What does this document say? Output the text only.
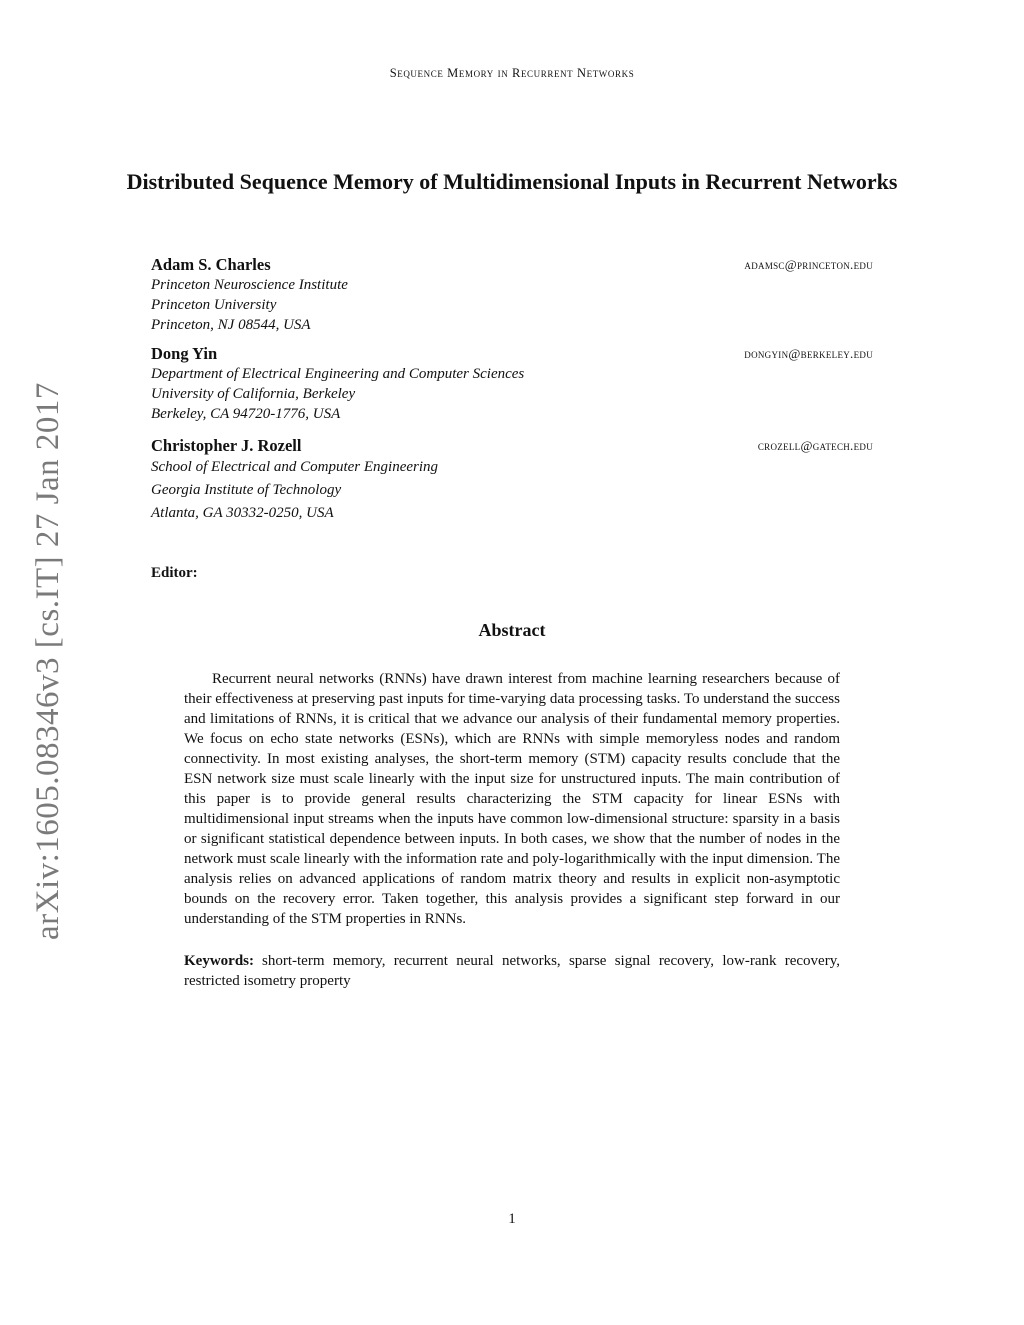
Sequence Memory in Recurrent Networks
Distributed Sequence Memory of Multidimensional Inputs in Recurrent Networks
Adam S. Charles	adamsc@princeton.edu
Princeton Neuroscience Institute
Princeton University
Princeton, NJ 08544, USA
Dong Yin	dongyin@berkeley.edu
Department of Electrical Engineering and Computer Sciences
University of California, Berkeley
Berkeley, CA 94720-1776, USA
Christopher J. Rozell	crozell@gatech.edu
School of Electrical and Computer Engineering
Georgia Institute of Technology
Atlanta, GA 30332-0250, USA
Editor:
Abstract

Recurrent neural networks (RNNs) have drawn interest from machine learning researchers because of their effectiveness at preserving past inputs for time-varying data processing tasks. To understand the success and limitations of RNNs, it is critical that we advance our analysis of their fundamental memory properties. We focus on echo state networks (ESNs), which are RNNs with simple memoryless nodes and random connectivity. In most existing analyses, the short-term memory (STM) capacity results conclude that the ESN network size must scale linearly with the input size for unstructured inputs. The main contribution of this paper is to provide general results characterizing the STM capacity for linear ESNs with multidimensional input streams when the inputs have common low-dimensional structure: sparsity in a basis or significant statistical dependence between inputs. In both cases, we show that the number of nodes in the network must scale linearly with the information rate and poly-logarithmically with the input dimension. The analysis relies on advanced applications of random matrix theory and results in explicit non-asymptotic bounds on the recovery error. Taken together, this analysis provides a significant step forward in our understanding of the STM properties in RNNs.

Keywords: short-term memory, recurrent neural networks, sparse signal recovery, low-rank recovery, restricted isometry property
arXiv:1605.08346v3 [cs.IT] 27 Jan 2017
1
